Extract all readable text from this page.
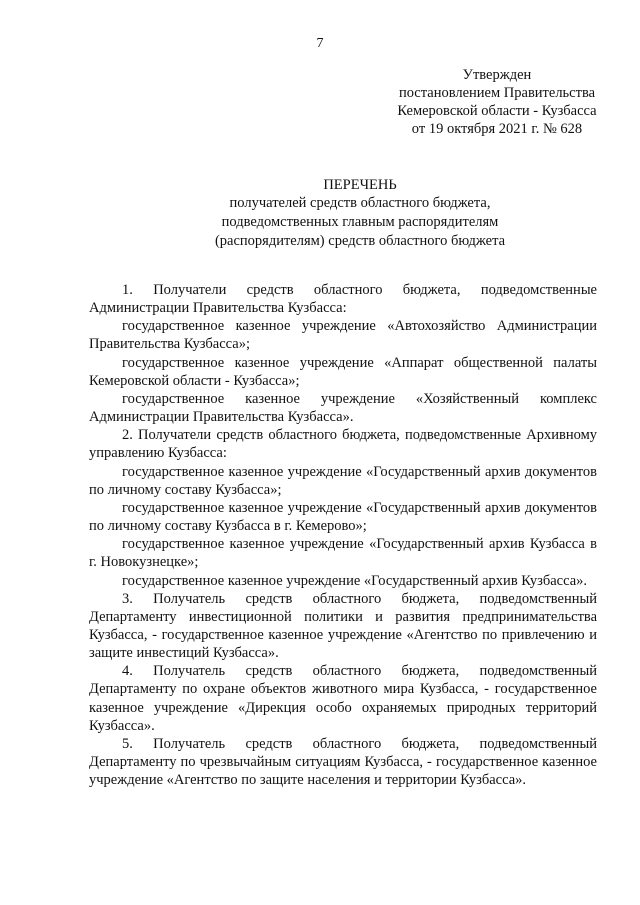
7
Утвержден
постановлением Правительства
Кемеровской области - Кузбасса
от 19 октября 2021 г. № 628
ПЕРЕЧЕНЬ
получателей средств областного бюджета,
подведомственных главным распорядителям
(распорядителям) средств областного бюджета

1. Получатели средств областного бюджета, подведомственные Администрации Правительства Кузбасса:

государственное казенное учреждение «Автохозяйство Администрации Правительства Кузбасса»;

государственное казенное учреждение «Аппарат общественной палаты Кемеровской области - Кузбасса»;

государственное казенное учреждение «Хозяйственный комплекс Администрации Правительства Кузбасса».

2. Получатели средств областного бюджета, подведомственные Архивному управлению Кузбасса:

государственное казенное учреждение «Государственный архив документов по личному составу Кузбасса»;

государственное казенное учреждение «Государственный архив документов по личному составу Кузбасса в г. Кемерово»;

государственное казенное учреждение «Государственный архив Кузбасса в г. Новокузнецке»;

государственное казенное учреждение «Государственный архив Кузбасса».

3. Получатель средств областного бюджета, подведомственный Департаменту инвестиционной политики и развития предпринимательства Кузбасса, - государственное казенное учреждение «Агентство по привлечению и защите инвестиций Кузбасса».

4. Получатель средств областного бюджета, подведомственный Департаменту по охране объектов животного мира Кузбасса, - государственное казенное учреждение «Дирекция особо охраняемых природных территорий Кузбасса».

5. Получатель средств областного бюджета, подведомственный Департаменту по чрезвычайным ситуациям Кузбасса, - государственное казенное учреждение «Агентство по защите населения и территории Кузбасса».
